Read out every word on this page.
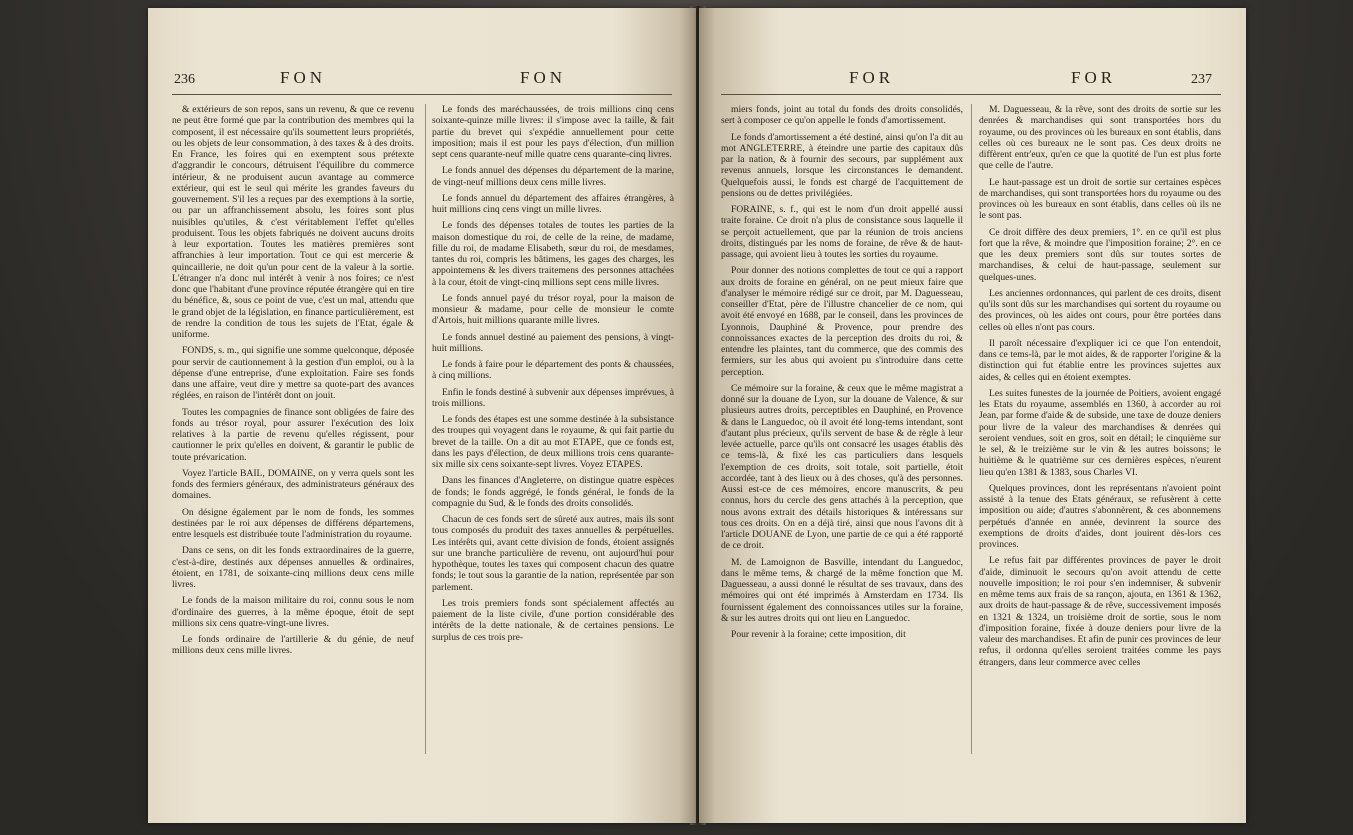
236	FON	FON

& extérieurs de son repos, sans un revenu, & que ce revenu ne peut être formé que par la contribution des membres qui la composent, il est nécessaire qu'ils soumettent leurs propriétés, ou les objets de leur consommation, à des taxes & à des droits. En France, les foires qui en exemptent sous prétexte d'aggrandir le concours, détruisent l'équilibre du commerce intérieur, & ne produisent aucun avantage au commerce extérieur, qui est le seul qui mérite les grandes faveurs du gouvernement. S'il les a reçues par des exemptions à la sortie, ou par un affranchissement absolu, les foires sont plus nuisibles qu'utiles, & c'est véritablement l'effet qu'elles produisent. Tous les objets fabriqués ne doivent aucuns droits à leur exportation. Toutes les matières premières sont affranchies à leur importation. Tout ce qui est mercerie & quincaillerie, ne doit qu'un pour cent de la valeur à la sortie. L'étranger n'a donc nul intérêt à venir à nos foires; ce n'est donc que l'habitant d'une province réputée étrangère qui en tire du bénéfice, &, sous ce point de vue, c'est un mal, attendu que le grand objet de la législation, en finance particulièrement, est de rendre la condition de tous les sujets de l'Etat, égale & uniforme.

FONDS, s. m., qui signifie une somme quelconque, déposée pour servir de cautionnement à la gestion d'un emploi, ou à la dépense d'une entreprise, d'une exploitation. Faire ses fonds dans une affaire, veut dire y mettre sa quote-part des avances réglées, en raison de l'intérêt dont on jouit.

Toutes les compagnies de finance sont obligées de faire des fonds au trésor royal, pour assurer l'exécution des loix relatives à la partie de revenu qu'elles régissent, pour cautionner le prix qu'elles en doivent, & garantir le public de toute prévarication.

Voyez l'article BAIL, DOMAINE, on y verra quels sont les fonds des fermiers généraux, des administrateurs généraux des domaines.

On désigne également par le nom de fonds, les sommes destinées par le roi aux dépenses de différens départemens, entre lesquels est distribuée toute l'administration du royaume.

Dans ce sens, on dit les fonds extraordinaires de la guerre, c'est-à-dire, destinés aux dépenses annuelles & ordinaires, étoient, en 1781, de soixante-cinq millions deux cens mille livres.

Le fonds de la maison militaire du roi, connu sous le nom d'ordinaire des guerres, à la même époque, étoit de sept millions six cens quatre-vingt-une livres.

Le fonds ordinaire de l'artillerie & du génie, de neuf millions deux cens mille livres.

Le fonds des maréchaussées, de trois millions cinq cens soixante-quinze mille livres: il s'impose avec la taille, & fait partie du brevet qui s'expédie annuellement pour cette imposition; mais il est pour les pays d'élection, d'un million sept cens quarante-neuf mille quatre cens quarante-cinq livres.

Le fonds annuel des dépenses du département de la marine, de vingt-neuf millions deux cens mille livres.

Le fonds annuel du département des affaires étrangères, à huit millions cinq cens vingt un mille livres.

Le fonds des dépenses totales de toutes les parties de la maison domestique du roi, de celle de la reine, de madame, fille du roi, de madame Elisabeth, sœur du roi, de mesdames, tantes du roi, compris les bâtimens, les gages des charges, les appointemens & les divers traitemens des personnes attachées à la cour, étoit de vingt-cinq millions sept cens mille livres.

Le fonds annuel payé du trésor royal, pour la maison de monsieur & madame, pour celle de monsieur le comte d'Artois, huit millions quarante mille livres.

Le fonds annuel destiné au paiement des pensions, à vingt-huit millions.

Le fonds à faire pour le département des ponts & chaussées, à cinq millions.

Enfin le fonds destiné à subvenir aux dépenses imprévues, à trois millions.

Le fonds des étapes est une somme destinée à la subsistance des troupes qui voyagent dans le royaume, & qui fait partie du brevet de la taille. On a dit au mot ETAPE, que ce fonds est, dans les pays d'élection, de deux millions trois cens quarante-six mille six cens soixante-sept livres. Voyez ETAPES.

Dans les finances d'Angleterre, on distingue quatre espèces de fonds; le fonds aggrégé, le fonds général, le fonds de la compagnie du Sud, & le fonds des droits consolidés.

Chacun de ces fonds sert de sûreté aux autres, mais ils sont tous composés du produit des taxes annuelles & perpétuelles. Les intérêts qui, avant cette division de fonds, étoient assignés sur une branche particulière de revenu, ont aujourd'hui pour hypothèque, toutes les taxes qui composent chacun des quatre fonds; le tout sous la garantie de la nation, représentée par son parlement.

Les trois premiers fonds sont spécialement affectés au paiement de la liste civile, d'une portion considérable des intérêts de la dette nationale, & de certaines pensions. Le surplus de ces trois pre-

FOR	FOR	237

miers fonds, joint au total du fonds des droits consolidés, sert à composer ce qu'on appelle le fonds d'amortissement.

Le fonds d'amortissement a été destiné, ainsi qu'on l'a dit au mot ANGLETERRE, à éteindre une partie des capitaux dûs par la nation, & à fournir des secours, par supplément aux revenus annuels, lorsque les circonstances le demandent. Quelquefois aussi, le fonds est chargé de l'acquittement de pensions ou de dettes privilégiées.

FORAINE, s. f., qui est le nom d'un droit appellé aussi traite foraine. Ce droit n'a plus de consistance sous laquelle il se perçoit actuellement, que par la réunion de trois anciens droits, distingués par les noms de foraine, de rêve & de haut-passage, qui avoient lieu à toutes les sorties du royaume.

Pour donner des notions complettes de tout ce qui a rapport aux droits de foraine en général, on ne peut mieux faire que d'analyser le mémoire rédigé sur ce droit, par M. Daguesseau, conseiller d'Etat, père de l'illustre chancelier de ce nom, qui avoit été envoyé en 1688, par le conseil, dans les provinces de Lyonnois, Dauphiné & Provence, pour prendre des connoissances exactes de la perception des droits du roi, & entendre les plaintes, tant du commerce, que des commis des fermiers, sur les abus qui avoient pu s'introduire dans cette perception.

Ce mémoire sur la foraine, & ceux que le même magistrat a donné sur la douane de Lyon, sur la douane de Valence, & sur plusieurs autres droits, perceptibles en Dauphiné, en Provence & dans le Languedoc, où il avoit été long-tems intendant, sont d'autant plus précieux, qu'ils servent de base & de règle à leur levée actuelle, parce qu'ils ont consacré les usages établis dès ce tems-là, & fixé les cas particuliers dans lesquels l'exemption de ces droits, soit totale, soit partielle, étoit accordée, tant à des lieux ou à des choses, qu'à des personnes. Aussi est-ce de ces mémoires, encore manuscrits, & peu connus, hors du cercle des gens attachés à la perception, que nous avons extrait des détails historiques & intéressans sur tous ces droits. On en a déjà tiré, ainsi que nous l'avons dit à l'article DOUANE de Lyon, une partie de ce qui a été rapporté de ce droit.

M. de Lamoignon de Basville, intendant du Languedoc, dans le même tems, & chargé de la même fonction que M. Daguesseau, a aussi donné le résultat de ses travaux, dans des mémoires qui ont été imprimés à Amsterdam en 1734. Ils fournissent également des connoissances utiles sur la foraine, & sur les autres droits qui ont lieu en Languedoc.

Pour revenir à la foraine; cette imposition, dit

M. Daguesseau, & la rêve, sont des droits de sortie sur les denrées & marchandises qui sont transportées hors du royaume, ou des provinces où les bureaux en sont établis, dans celles où ces bureaux ne le sont pas. Ces deux droits ne diffèrent entr'eux, qu'en ce que la quotité de l'un est plus forte que celle de l'autre.

Le haut-passage est un droit de sortie sur certaines espèces de marchandises, qui sont transportées hors du royaume ou des provinces où les bureaux en sont établis, dans celles où ils ne le sont pas.

Ce droit diffère des deux premiers, 1°. en ce qu'il est plus fort que la rêve, & moindre que l'imposition foraine; 2°. en ce que les deux premiers sont dûs sur toutes sortes de marchandises, & celui de haut-passage, seulement sur quelques-unes.

Les anciennes ordonnances, qui parlent de ces droits, disent qu'ils sont dûs sur les marchandises qui sortent du royaume ou des provinces, où les aides ont cours, pour être portées dans celles où elles n'ont pas cours.

Il paroît nécessaire d'expliquer ici ce que l'on entendoit, dans ce tems-là, par le mot aides, & de rapporter l'origine & la distinction qui fut établie entre les provinces sujettes aux aides, & celles qui en étoient exemptes.

Les suites funestes de la journée de Poitiers, avoient engagé les Etats du royaume, assemblés en 1360, à accorder au roi Jean, par forme d'aide & de subside, une taxe de douze deniers pour livre de la valeur des marchandises & denrées qui seroient vendues, soit en gros, soit en détail; le cinquième sur le sel, & le treizième sur le vin & les autres boissons; le huitième & le quatrième sur ces dernières espèces, n'eurent lieu qu'en 1381 & 1383, sous Charles VI.

Quelques provinces, dont les représentans n'avoient point assisté à la tenue des Etats généraux, se refusèrent à cette imposition ou aide; d'autres s'abonnèrent, & ces abonnemens perpétués d'année en année, devinrent la source des exemptions de droits d'aides, dont jouirent dès-lors ces provinces.

Le refus fait par différentes provinces de payer le droit d'aide, diminuoit le secours qu'on avoit attendu de cette nouvelle imposition; le roi pour s'en indemniser, & subvenir en même tems aux frais de sa rançon, ajouta, en 1361 & 1362, aux droits de haut-passage & de rêve, successivement imposés en 1321 & 1324, un troisième droit de sortie, sous le nom d'imposition foraine, fixée à douze deniers pour livre de la valeur des marchandises. Et afin de punir ces provinces de leur refus, il ordonna qu'elles seroient traitées comme les pays étrangers, dans leur commerce avec celles
